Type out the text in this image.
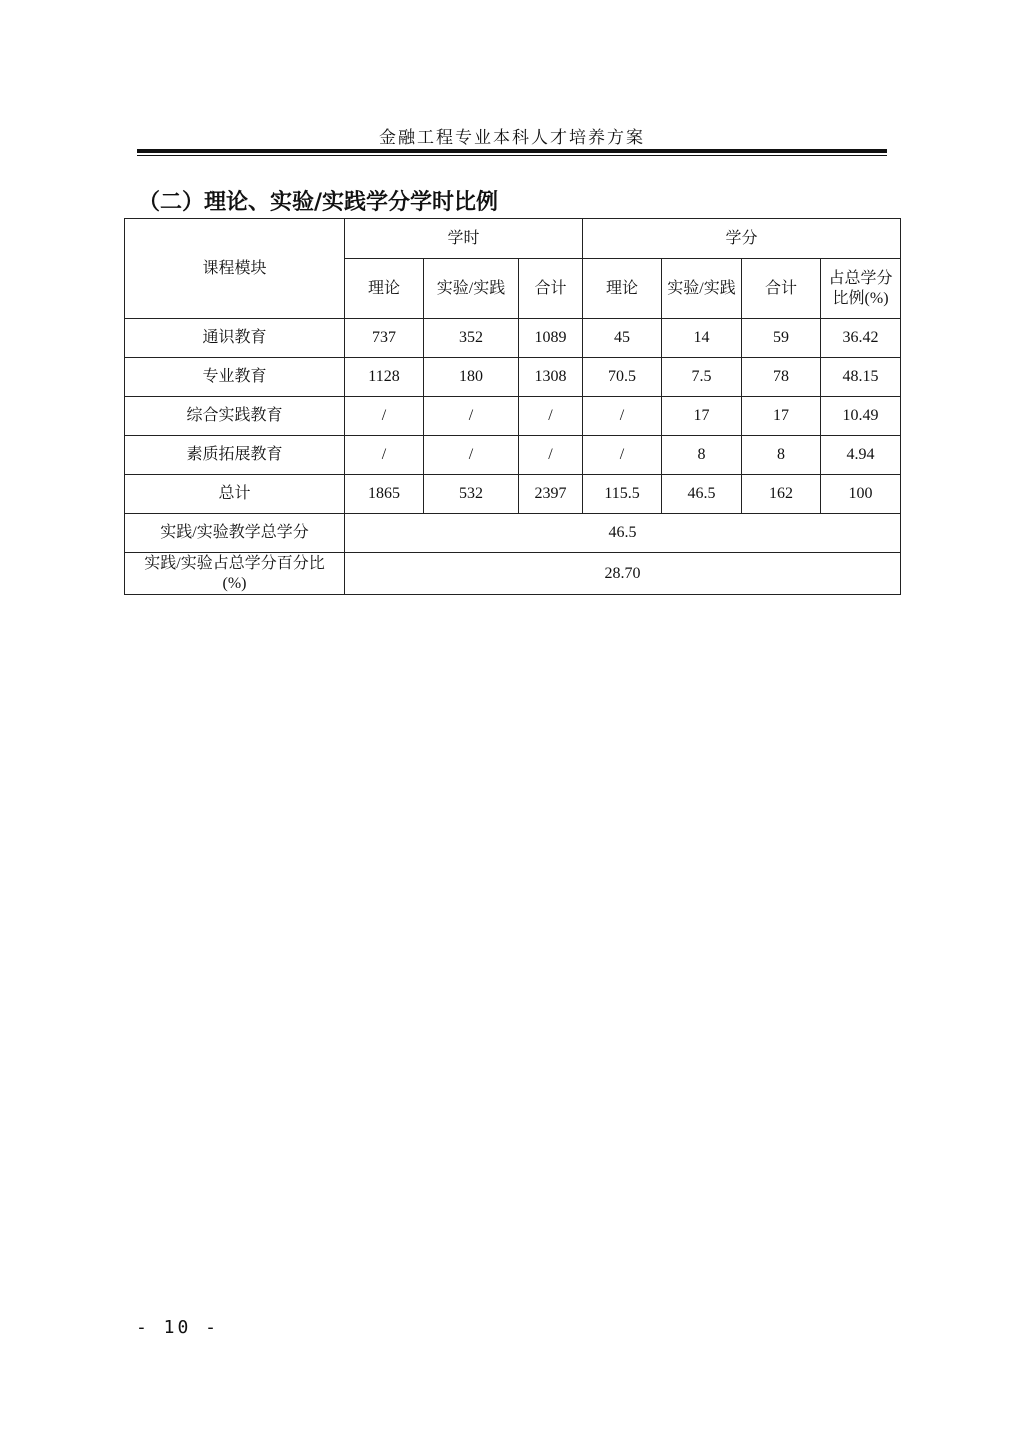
金融工程专业本科人才培养方案
（二）理论、实验/实践学分学时比例
课程模块	学时			学分			
	理论	实验/实践	合计	理论	实验/实践	合计	占总学分
比例(%)

通识教育	737	352	1089	45	14	59	36.42
专业教育	1128	180	1308	70.5	7.5	78	48.15
综合实践教育	/	/	/	/	17	17	10.49
素质拓展教育	/	/	/	/	8	8	4.94
总计	1865	532	2397	115.5	46.5	162	100
实践/实验教学总学分	46.5						

实践/实验占总学分百分比
(%)	28.70						
- 10 -
